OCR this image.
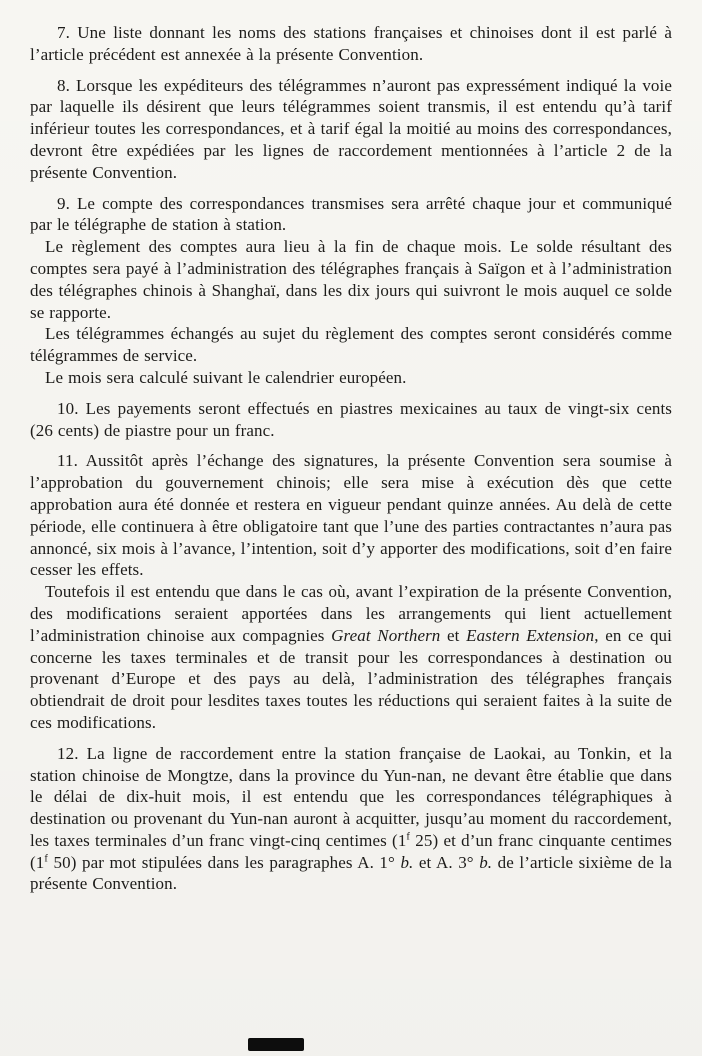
7. Une liste donnant les noms des stations françaises et chinoises dont il est parlé à l’article précédent est annexée à la présente Convention.

8. Lorsque les expéditeurs des télégrammes n’auront pas expressément indiqué la voie par laquelle ils désirent que leurs télégrammes soient transmis, il est entendu qu’à tarif inférieur toutes les correspondances, et à tarif égal la moitié au moins des correspondances, devront être expédiées par les lignes de raccordement mentionnées à l’article 2 de la présente Convention.

9. Le compte des correspondances transmises sera arrêté chaque jour et communiqué par le télégraphe de station à station.

Le règlement des comptes aura lieu à la fin de chaque mois. Le solde résultant des comptes sera payé à l’administration des télégraphes français à Saïgon et à l’administration des télégraphes chinois à Shanghaï, dans les dix jours qui suivront le mois auquel ce solde se rapporte.

Les télégrammes échangés au sujet du règlement des comptes seront considérés comme télégrammes de service.

Le mois sera calculé suivant le calendrier européen.

10. Les payements seront effectués en piastres mexicaines au taux de vingt-six cents (26 cents) de piastre pour un franc.

11. Aussitôt après l’échange des signatures, la présente Convention sera soumise à l’approbation du gouvernement chinois; elle sera mise à exécution dès que cette approbation aura été donnée et restera en vigueur pendant quinze années. Au delà de cette période, elle continuera à être obligatoire tant que l’une des parties contractantes n’aura pas annoncé, six mois à l’avance, l’intention, soit d’y apporter des modifications, soit d’en faire cesser les effets.

Toutefois il est entendu que dans le cas où, avant l’expiration de la présente Convention, des modifications seraient apportées dans les arrangements qui lient actuellement l’administration chinoise aux compagnies Great Northern et Eastern Extension, en ce qui concerne les taxes terminales et de transit pour les correspondances à destination ou provenant d’Europe et des pays au delà, l’administration des télégraphes français obtiendrait de droit pour lesdites taxes toutes les réductions qui seraient faites à la suite de ces modifications.

12. La ligne de raccordement entre la station française de Laokai, au Tonkin, et la station chinoise de Mongtze, dans la province du Yun-nan, ne devant être établie que dans le délai de dix-huit mois, il est entendu que les correspondances télégraphiques à destination ou provenant du Yun-nan auront à acquitter, jusqu’au moment du raccordement, les taxes terminales d’un franc vingt-cinq centimes (1$^f$ 25) et d’un franc cinquante centimes (1$^f$ 50) par mot stipulées dans les paragraphes A. 1° b. et A. 3° b. de l’article sixième de la présente Convention.
